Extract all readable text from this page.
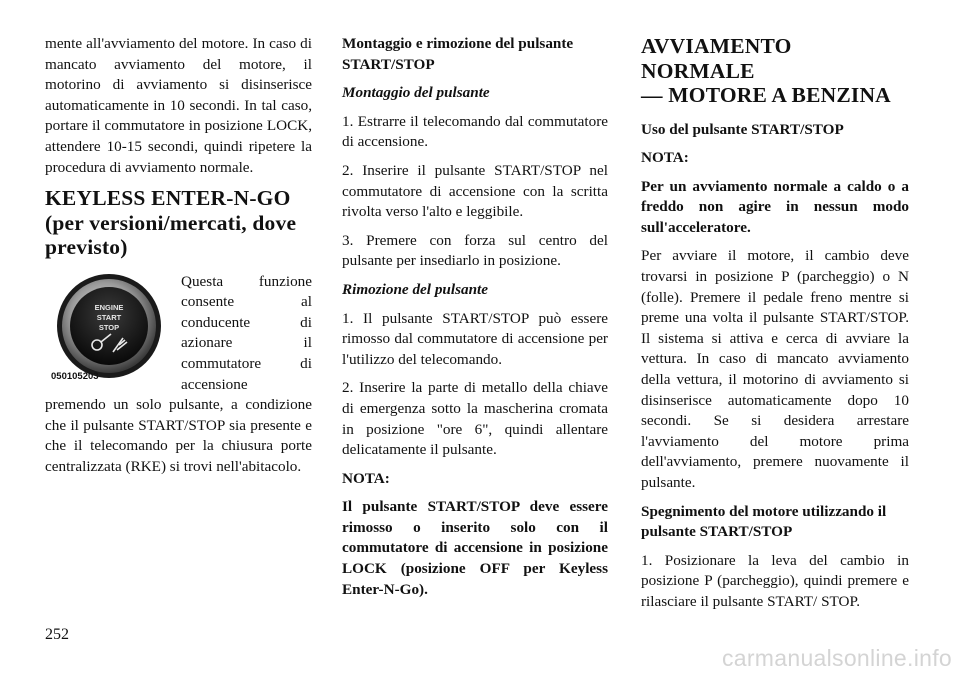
mente all'avviamento del motore. In caso di mancato avviamento del motore, il motorino di avviamento si disinserisce automaticamente in 10 secondi. In tal caso, portare il commutatore in posizione LOCK, attendere 10-15 secondi, quindi ripetere la procedura di avviamento normale.

KEYLESS ENTER-N-GO
(per versioni/mercati, dove
previsto)
ENGINE
START
STOP
050105203

Questa funzione consente al conducente di azionare il commutatore di accensione premendo un solo pulsante, a condizione che il pulsante START/STOP sia presente e che il telecomando per la chiusura porte centralizzata (RKE) si trovi nell'abitacolo.

Montaggio e rimozione del pulsante START/STOP

Montaggio del pulsante

1. Estrarre il telecomando dal commutatore di accensione.

2. Inserire il pulsante START/STOP nel commutatore di accensione con la scritta rivolta verso l'alto e leggibile.

3. Premere con forza sul centro del pulsante per insediarlo in posizione.

Rimozione del pulsante

1. Il pulsante START/STOP può essere rimosso dal commutatore di accensione per l'utilizzo del telecomando.

2. Inserire la parte di metallo della chiave di emergenza sotto la mascherina cromata in posizione "ore 6", quindi allentare delicatamente il pulsante.

NOTA:

Il pulsante START/STOP deve essere rimosso o inserito solo con il commutatore di accensione in posizione LOCK (posizione OFF per Keyless Enter-N-Go).

AVVIAMENTO NORMALE
— MOTORE A BENZINA

Uso del pulsante START/STOP

NOTA:

Per un avviamento normale a caldo o a freddo non agire in nessun modo sull'acceleratore.

Per avviare il motore, il cambio deve trovarsi in posizione P (parcheggio) o N (folle). Premere il pedale freno mentre si preme una volta il pulsante START/STOP. Il sistema si attiva e cerca di avviare la vettura. In caso di mancato avviamento della vettura, il motorino di avviamento si disinserisce automaticamente dopo 10 secondi. Se si desidera arrestare l'avviamento del motore prima dell'avviamento, premere nuovamente il pulsante.

Spegnimento del motore utilizzando il pulsante START/STOP

1. Posizionare la leva del cambio in posizione P (parcheggio), quindi premere e rilasciare il pulsante START/ STOP.

252
carmanualsonline.info
